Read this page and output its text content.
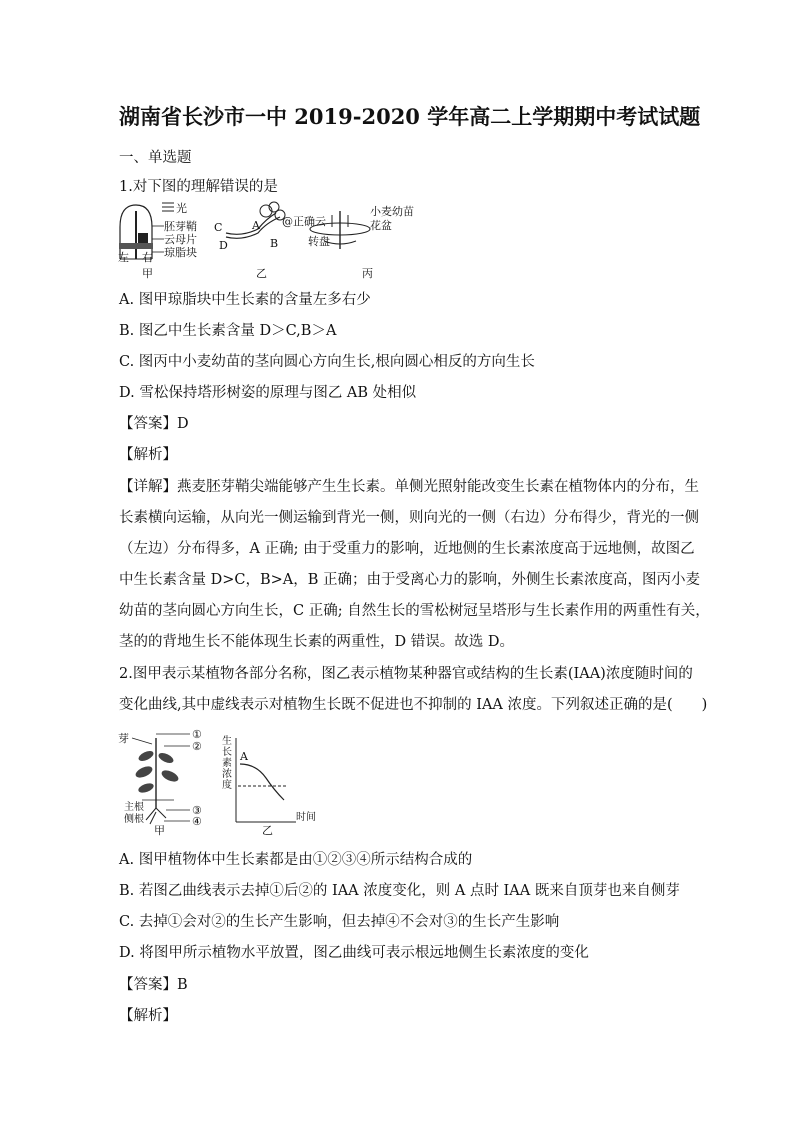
湖南省长沙市一中 2019-2020 学年高二上学期期中考试试题
一、单选题
1.对下图的理解错误的是
光
胚芽鞘
云母片
琼脂块
左 右
甲
C
D
A
B
乙
@正确云
小麦幼苗
花盆
转盘
丙
A. 图甲琼脂块中生长素的含量左多右少
B. 图乙中生长素含量 D＞C,B＞A
C. 图丙中小麦幼苗的茎向圆心方向生长,根向圆心相反的方向生长
D. 雪松保持塔形树姿的原理与图乙 AB 处相似
【答案】D
【解析】
【详解】燕麦胚芽鞘尖端能够产生生长素。单侧光照射能改变生长素在植物体内的分布，生
长素横向运输，从向光一侧运输到背光一侧，则向光的一侧（右边）分布得少，背光的一侧
（左边）分布得多，A 正确; 由于受重力的影响，近地侧的生长素浓度高于远地侧，故图乙
中生长素含量 D>C，B>A，B 正确；由于受离心力的影响，外侧生长素浓度高，图丙小麦
幼苗的茎向圆心方向生长，C 正确; 自然生长的雪松树冠呈塔形与生长素作用的两重性有关，
茎的的背地生长不能体现生长素的两重性，D 错误。故选 D。
2.图甲表示某植物各部分名称，图乙表示植物某种器官或结构的生长素(IAA)浓度随时间的
变化曲线,其中虚线表示对植物生长既不促进也不抑制的 IAA 浓度。下列叙述正确的是(　　)
芽	①
②
主根
侧根
③
④
甲
生
长
素
浓
度
A
时间
乙
A. 图甲植物体中生长素都是由①②③④所示结构合成的
B. 若图乙曲线表示去掉①后②的 IAA 浓度变化，则 A 点时 IAA 既来自顶芽也来自侧芽
C. 去掉①会对②的生长产生影响，但去掉④不会对③的生长产生影响
D. 将图甲所示植物水平放置，图乙曲线可表示根远地侧生长素浓度的变化
【答案】B
【解析】
